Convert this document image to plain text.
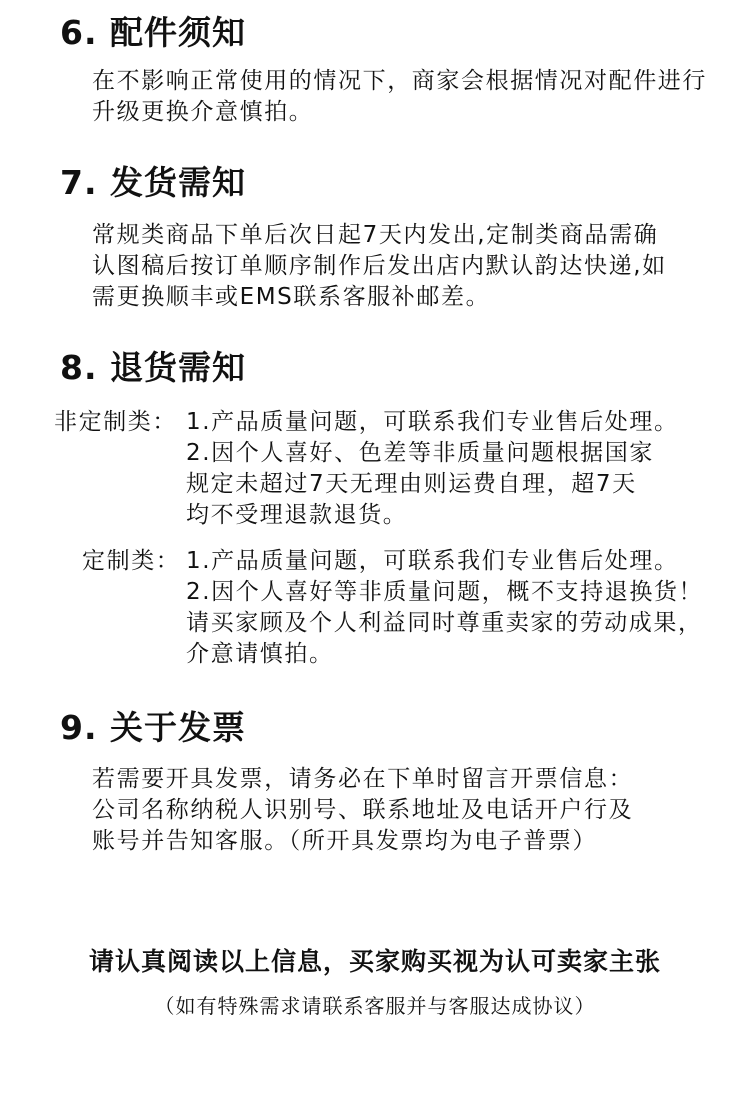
6. 配件须知
在不影响正常使用的情况下，商家会根据情况对配件进行
升级更换介意慎拍。
7. 发货需知
常规类商品下单后次日起7天内发出,定制类商品需确
认图稿后按订单顺序制作后发出店内默认韵达快递,如
需更换顺丰或EMS联系客服补邮差。
8. 退货需知
非定制类： 1.产品质量问题，可联系我们专业售后处理。
2.因个人喜好、色差等非质量问题根据国家
规定未超过7天无理由则运费自理，超7天
均不受理退款退货。
定制类： 1.产品质量问题，可联系我们专业售后处理。
2.因个人喜好等非质量问题，概不支持退换货！
请买家顾及个人利益同时尊重卖家的劳动成果，
介意请慎拍。
9. 关于发票
若需要开具发票，请务必在下单时留言开票信息：
公司名称纳税人识别号、联系地址及电话开户行及
账号并告知客服。（所开具发票均为电子普票）
请认真阅读以上信息，买家购买视为认可卖家主张
（如有特殊需求请联系客服并与客服达成协议）
